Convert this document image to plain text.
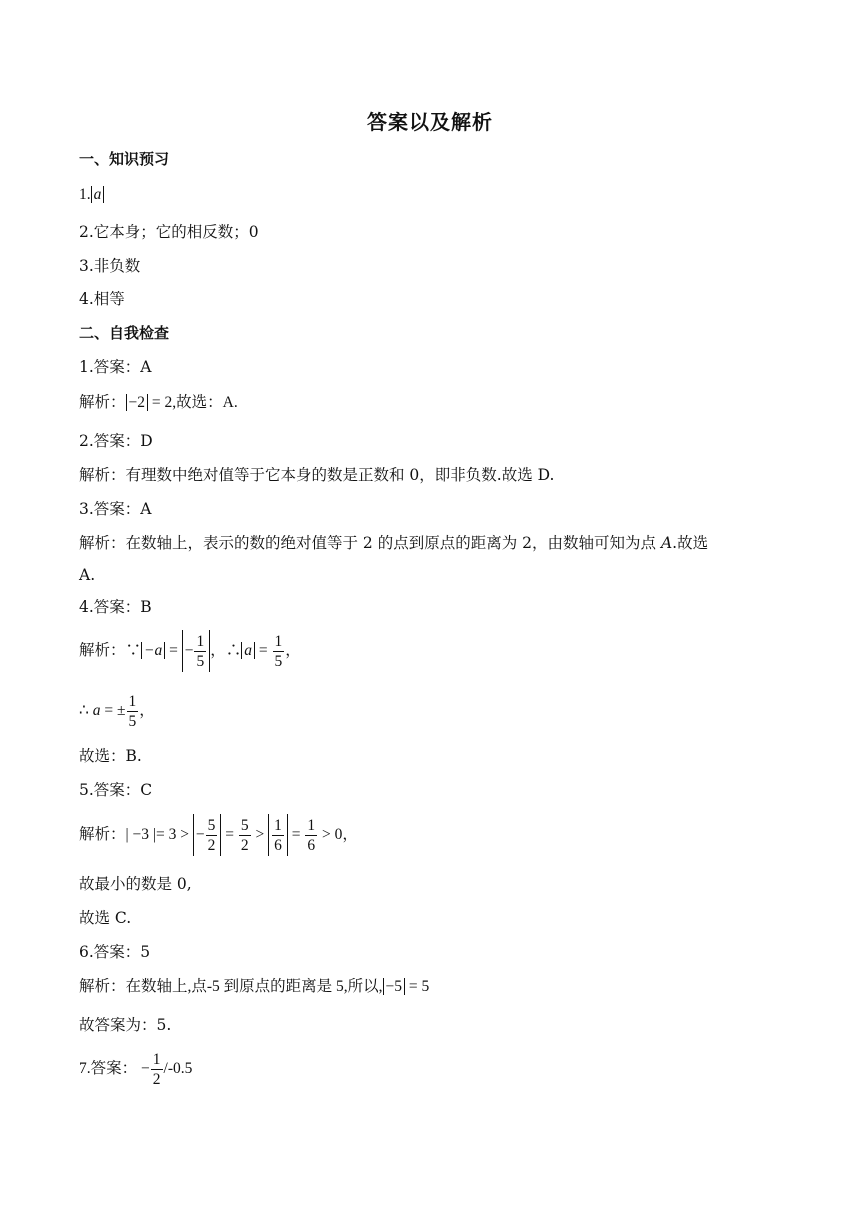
答案以及解析
一、知识预习
1. a
2.它本身；它的相反数；0
3.非负数
4.相等
二、自我检查
1.答案：A
解析： −2 = 2,故选：A.
2.答案：D
解析：有理数中绝对值等于它本身的数是正数和 0，即非负数.故选 D.
3.答案：A
解析：在数轴上，表示的数的绝对值等于 2 的点到原点的距离为 2，由数轴可知为点 A.故选
A.
4.答案：B
解析：∵ −a = − $\frac{1}{5}$ ，∴ $a = \frac{1}{5}$ ，
∴ a = ± $\frac{1}{5}$ ，
故选：B.
5.答案：C
解析：| −3 |= 3 > − $\frac{5}{2} = \frac{5}{2} > \frac{1}{6} = \frac{1}{6} > 0$，
故最小的数是 0,
故选 C.
6.答案：5
解析：在数轴上,点-5 到原点的距离是 5,所以, −5 = 5
故答案为：5.
7.答案： − $\frac{1}{2} /-0.5$
